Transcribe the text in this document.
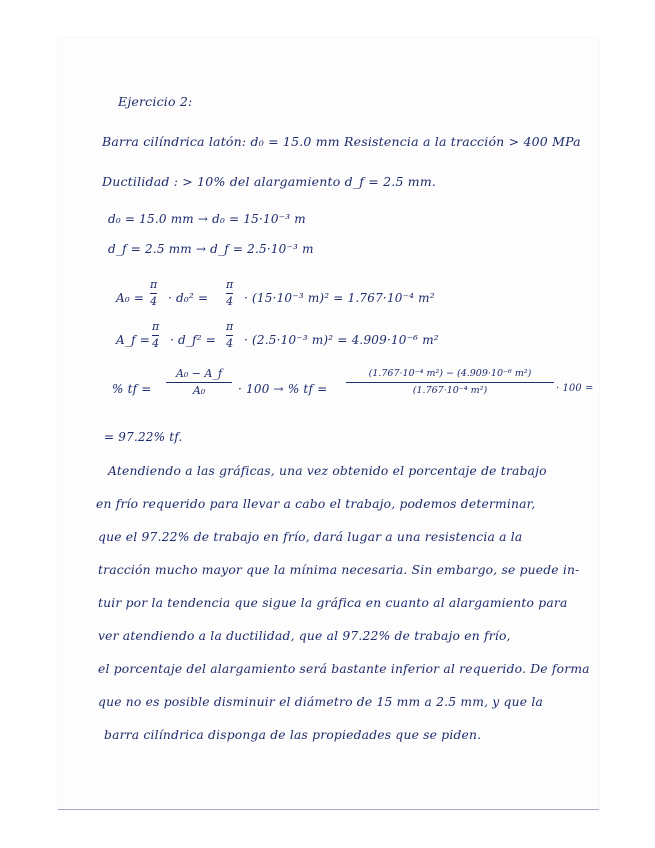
Ejercicio 2:
Barra cilíndrica latón: d₀ = 15.0 mm Resistencia a la tracción > 400 MPa
Ductilidad : > 10% del alargamiento d_f = 2.5 mm.
d₀ = 15.0 mm → d₀ = 15·10⁻³ m
d_f = 2.5 mm → d_f = 2.5·10⁻³ m
A₀ =
π
4 · d₀² =
π
4 · (15·10⁻³ m)² = 1.767·10⁻⁴ m²
A_f =
π
4 · d_f² =
π
4 · (2.5·10⁻³ m)² = 4.909·10⁻⁶ m²
% tf =
A₀ − A_f
A₀	· 100 → % tf =
(1.767·10⁻⁴ m²) − (4.909·10⁻⁶ m²)
(1.767·10⁻⁴ m²)	· 100 =
= 97.22% tf.
Atendiendo a las gráficas, una vez obtenido el porcentaje de trabajo
en frío requerido para llevar a cabo el trabajo, podemos determinar,
que el 97.22% de trabajo en frío, dará lugar a una resistencia a la
tracción mucho mayor que la mínima necesaria. Sin embargo, se puede in-
tuir por la tendencia que sigue la gráfica en cuanto al alargamiento para
ver atendiendo a la ductilidad, que al 97.22% de trabajo en frío,
el porcentaje del alargamiento será bastante inferior al requerido. De forma
que no es posible disminuir el diámetro de 15 mm a 2.5 mm, y que la
barra cilíndrica disponga de las propiedades que se piden.
